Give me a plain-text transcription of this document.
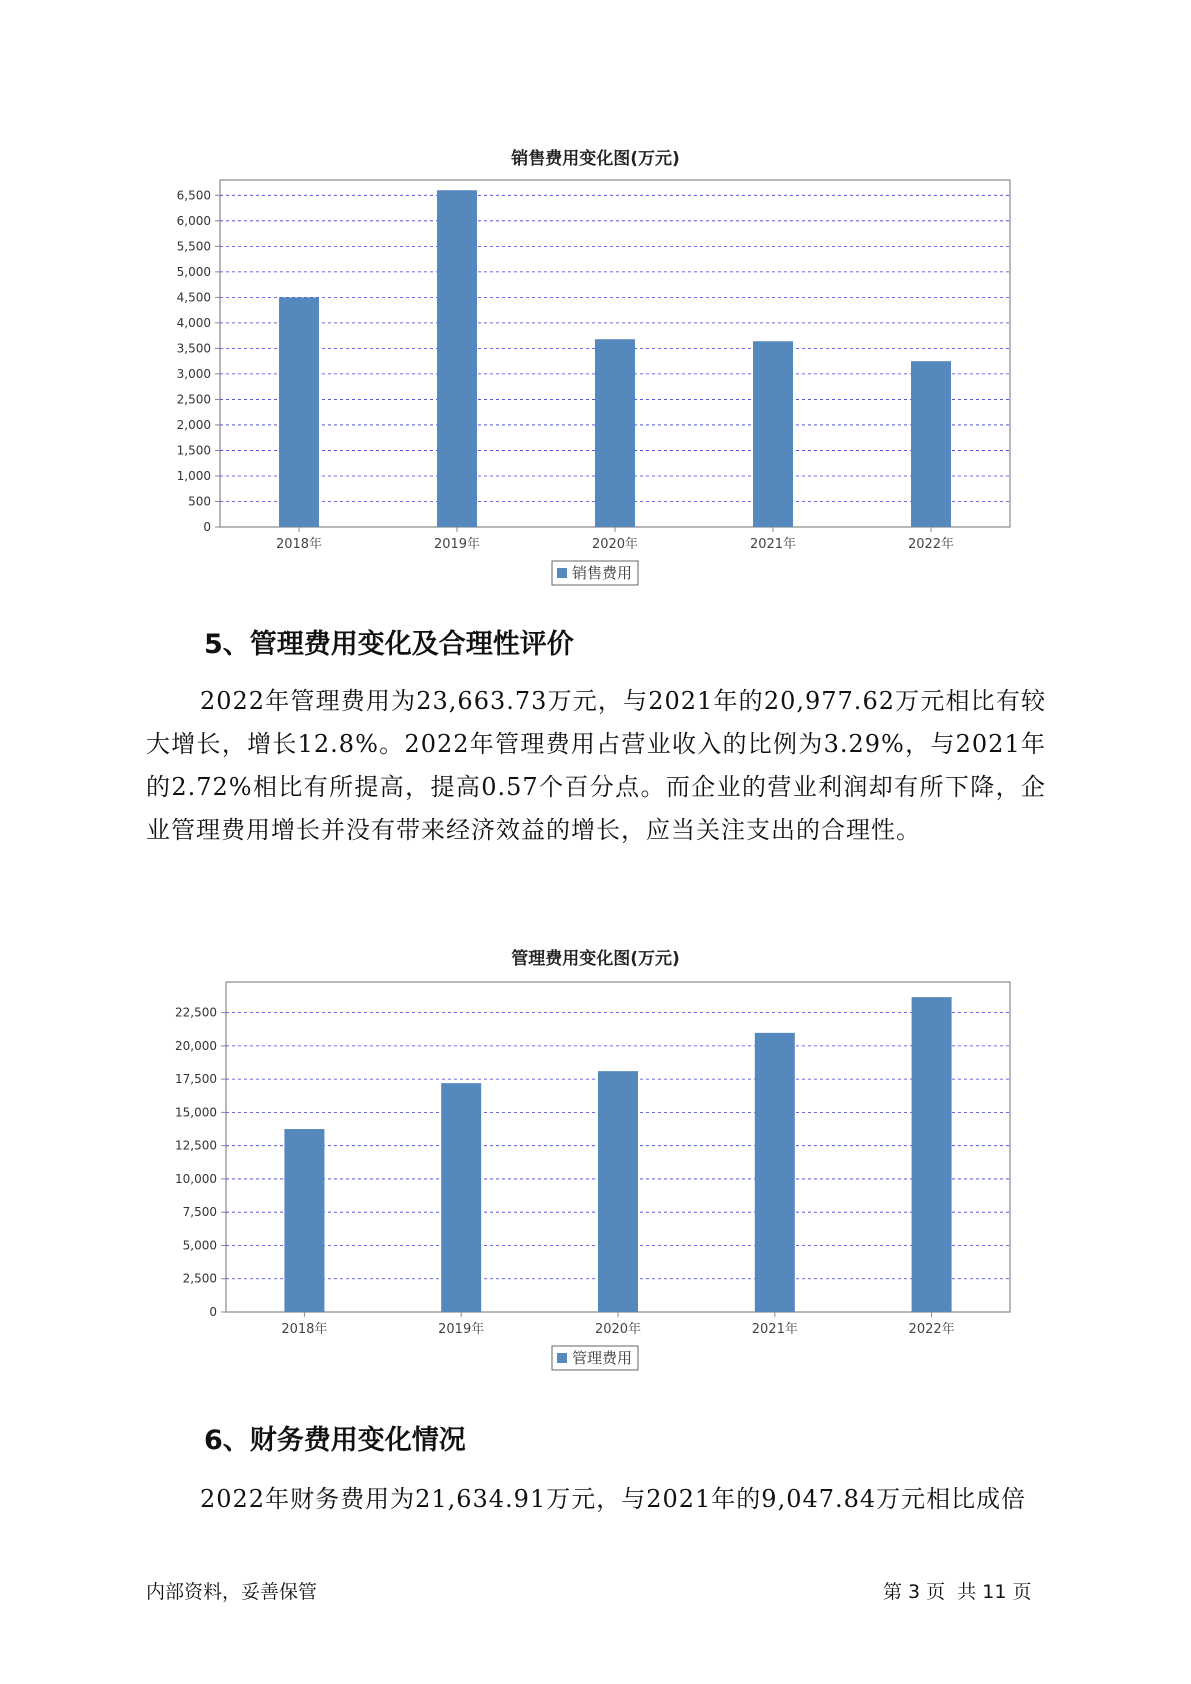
销售费用变化图(万元)
0
500
1,000
1,500
2,000
2,500
3,000
3,500
4,000
4,500
5,000
5,500
6,000
6,500
2018年	2019年	2020年	2021年	2022年
销售费用
5、管理费用变化及合理性评价

2022年管理费用为23,663.73万元，与2021年的20,977.62万元相比有较大增长，增长12.8%。2022年管理费用占营业收入的比例为3.29%，与2021年的2.72%相比有所提高，提高0.57个百分点。而企业的营业利润却有所下降，企业管理费用增长并没有带来经济效益的增长，应当关注支出的合理性。

管理费用变化图(万元)
0
2,500
5,000
7,500
10,000
12,500
15,000
17,500
20,000
22,500
2018年	2019年	2020年	2021年	2022年
管理费用
6、财务费用变化情况

2022年财务费用为21,634.91万元，与2021年的9,047.84万元相比成倍

内部资料，妥善保管	第 3 页  共 11 页
